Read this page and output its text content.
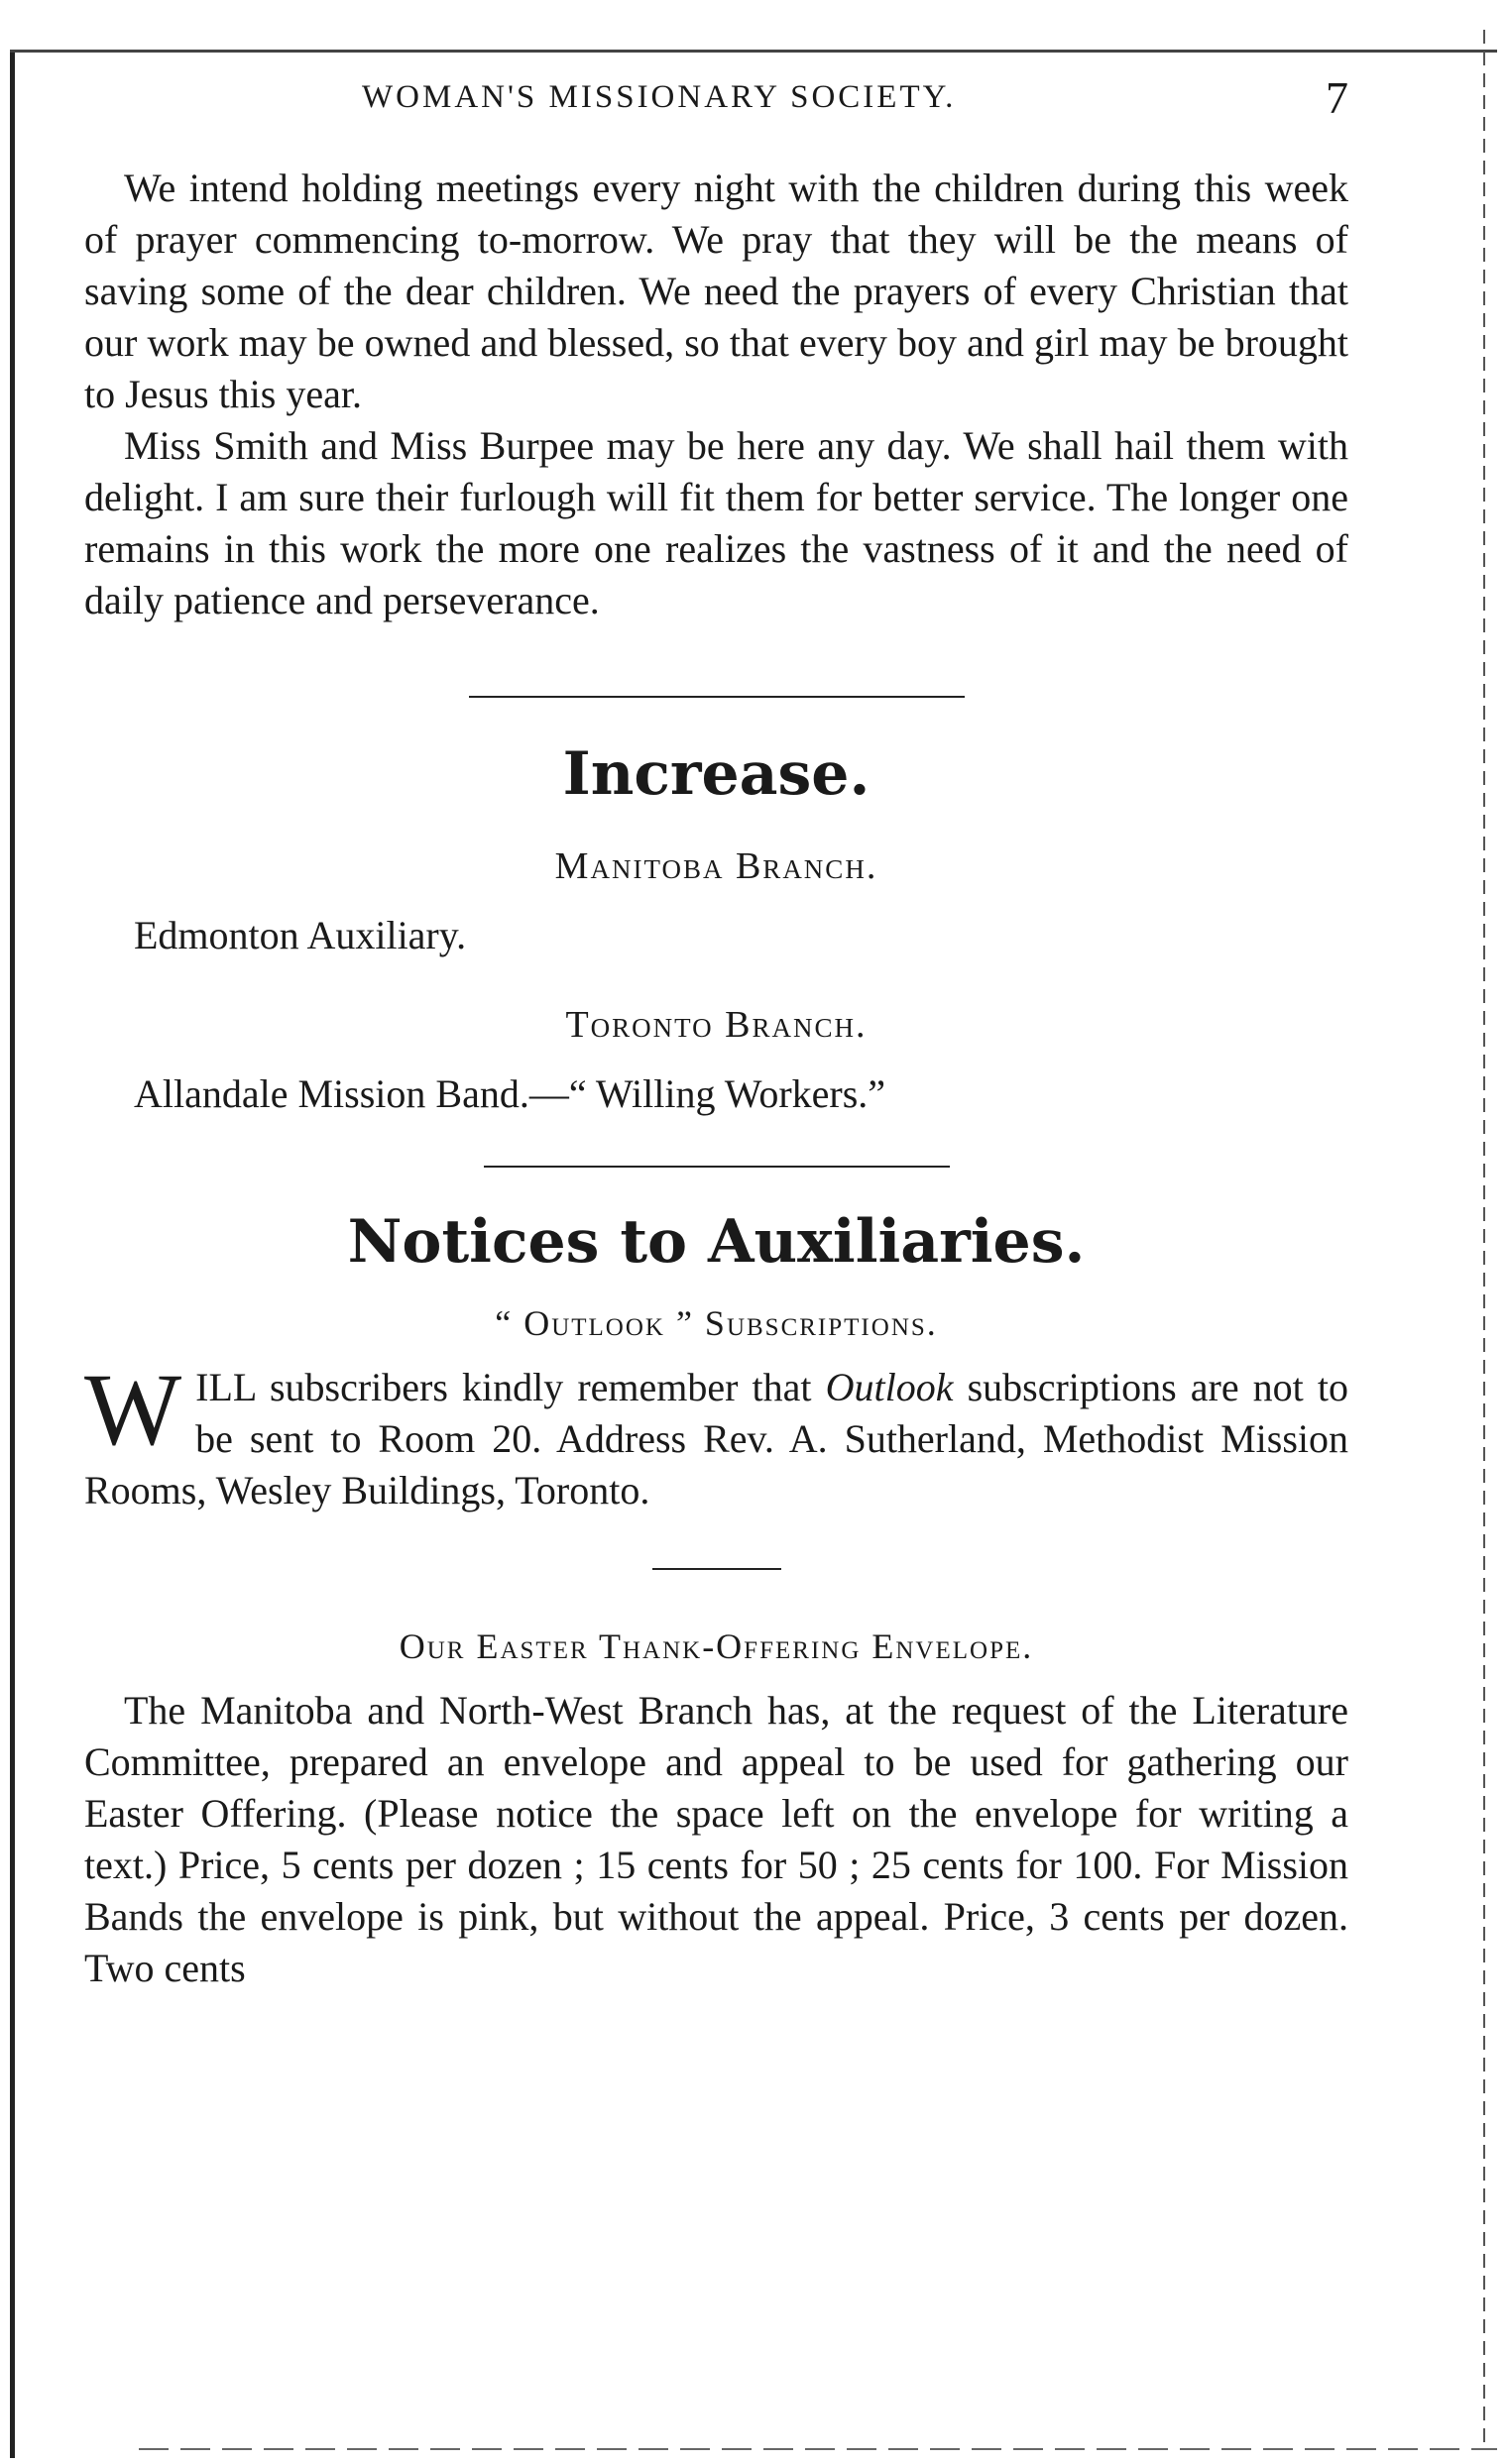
WOMAN'S MISSIONARY SOCIETY.	7

We intend holding meetings every night with the children during this week of prayer commencing to-morrow. We pray that they will be the means of saving some of the dear children. We need the prayers of every Christian that our work may be owned and blessed, so that every boy and girl may be brought to Jesus this year.

Miss Smith and Miss Burpee may be here any day. We shall hail them with delight. I am sure their furlough will fit them for better service. The longer one remains in this work the more one realizes the vastness of it and the need of daily patience and perseverance.

Increase.

Manitoba Branch.

Edmonton Auxiliary.

Toronto Branch.

Allandale Mission Band.—“ Willing Workers.”

Notices to Auxiliaries.

“ Outlook ” Subscriptions.

WILL subscribers kindly remember that Outlook subscriptions are not to be sent to Room 20. Address Rev. A. Sutherland, Methodist Mission Rooms, Wesley Buildings, Toronto.

Our Easter Thank-Offering Envelope.

The Manitoba and North-West Branch has, at the request of the Literature Committee, prepared an envelope and appeal to be used for gathering our Easter Offering. (Please notice the space left on the envelope for writing a text.) Price, 5 cents per dozen ; 15 cents for 50 ; 25 cents for 100. For Mission Bands the envelope is pink, but without the appeal. Price, 3 cents per dozen. Two cents
